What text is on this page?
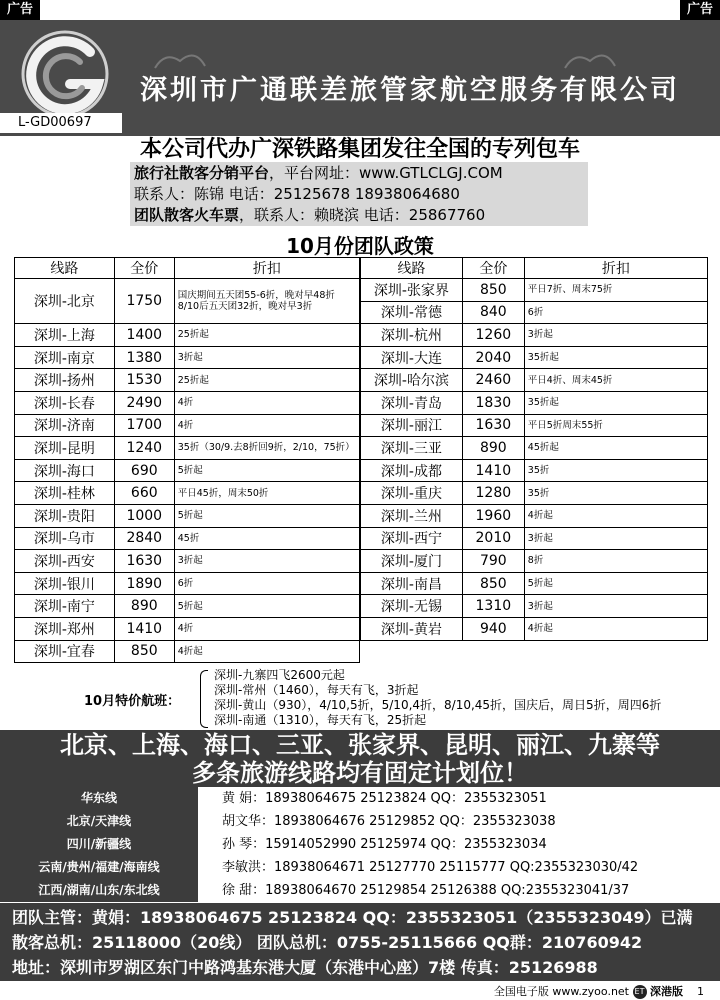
广告	广告
深圳市广通联差旅管家航空服务有限公司
L-GD00697
本公司代办广深铁路集团发往全国的专列包车
旅行社散客分销平台，平台网址：www.GTLCLGJ.COM
联系人：陈锦 电话：25125678 18938064680
团队散客火车票，联系人：赖晓滨 电话：25867760
10月份团队政策
线路	全价	折扣
深圳-北京	1750	国庆期间五天团55-6折，晚对早48折
8/10后五天团32折，晚对早3折
深圳-上海	1400	25折起
深圳-南京	1380	3折起
深圳-扬州	1530	25折起
深圳-长春	2490	4折
深圳-济南	1700	4折
深圳-昆明	1240	35折（30/9.去8折回9折，2/10，75折）
深圳-海口	690	5折起
深圳-桂林	660	平日45折，周末50折
深圳-贵阳	1000	5折起
深圳-乌市	2840	45折
深圳-西安	1630	3折起
深圳-银川	1890	6折
深圳-南宁	890	5折起
深圳-郑州	1410	4折
深圳-宜春	850	4折起
线路	全价	折扣
深圳-张家界	850	平日7折、周末75折
深圳-常德	840	6折
深圳-杭州	1260	3折起
深圳-大连	2040	35折起
深圳-哈尔滨	2460	平日4折、周末45折
深圳-青岛	1830	35折起
深圳-丽江	1630	平日5折周末55折
深圳-三亚	890	45折起
深圳-成都	1410	35折
深圳-重庆	1280	35折
深圳-兰州	1960	4折起
深圳-西宁	2010	3折起
深圳-厦门	790	8折
深圳-南昌	850	5折起
深圳-无锡	1310	3折起
深圳-黄岩	940	4折起
10月特价航班：
深圳-九寨四飞2600元起
深圳-常州（1460），每天有飞，3折起
深圳-黄山（930），4/10,5折，5/10,4折，8/10,45折，国庆后，周日5折，周四6折
深圳-南通（1310），每天有飞，25折起
北京、上海、海口、三亚、张家界、昆明、丽江、九寨等
多条旅游线路均有固定计划位！
华东线	黄 娟：18938064675 25123824 QQ：2355323051
北京/天津线	胡文华：18938064676 25129852 QQ：2355323038
四川/新疆线	孙 琴：15914052990 25125974 QQ：2355323034
云南/贵州/福建/海南线	李敏洪：18938064671 25127770 25115777 QQ:2355323030/42
江西/湖南/山东/东北线	徐 甜：18938064670 25129854 25126388 QQ:2355323041/37
团队主管：黄娟：18938064675 25123824 QQ：2355323051（2355323049）已满
散客总机：25118000（20线） 团队总机：0755-25115666 QQ群：210760942
地址：深圳市罗湖区东门中路鸿基东港大厦（东港中心座）7楼 传真：25126988
全国电子版 www.zyoo.net ET 深港版 1
